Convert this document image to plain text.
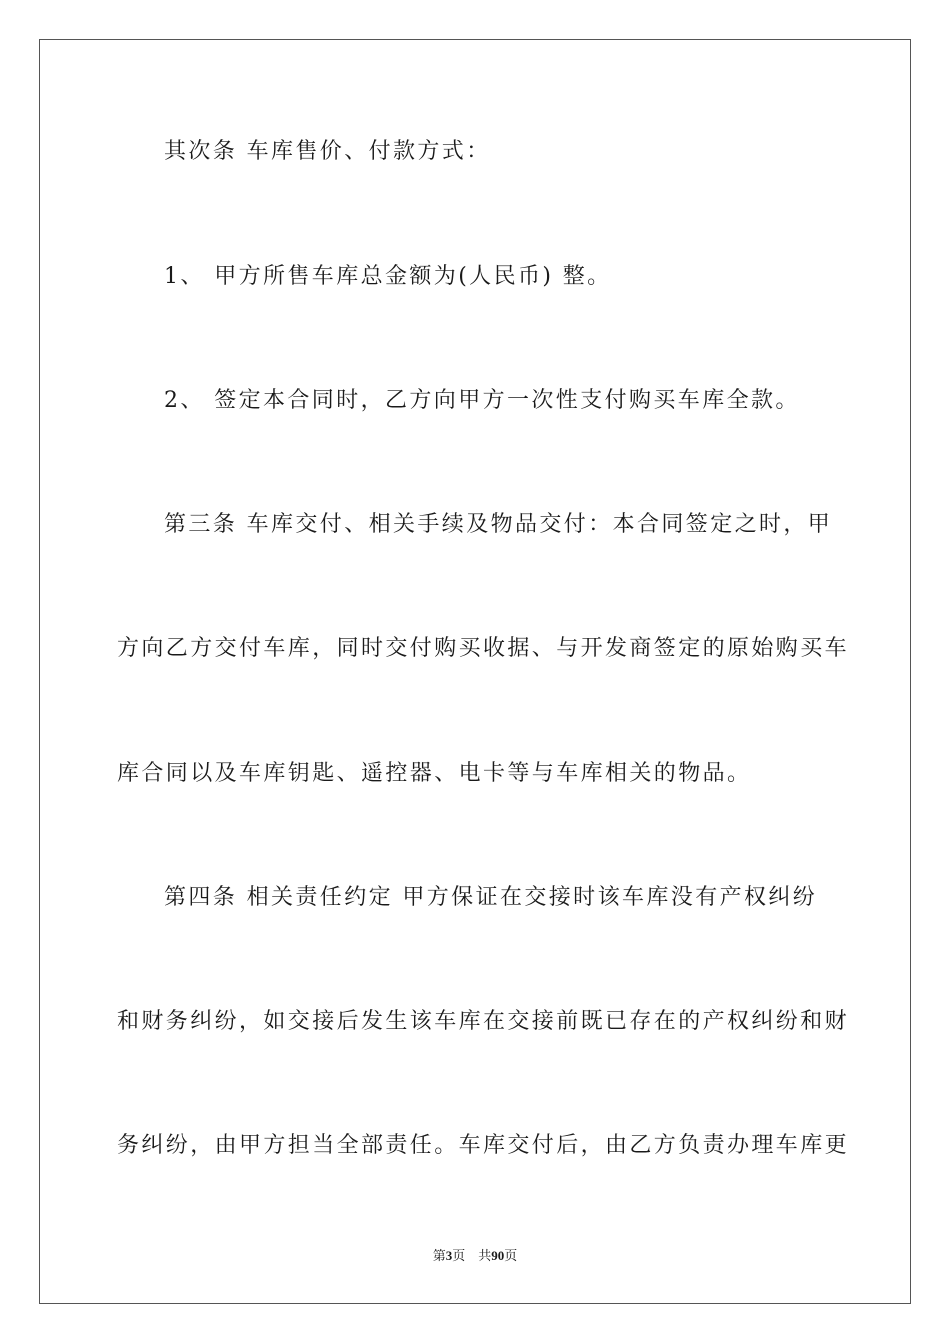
其次条 车库售价、付款方式：
1、 甲方所售车库总金额为(人民币) 整。
2、 签定本合同时，乙方向甲方一次性支付购买车库全款。
第三条 车库交付、相关手续及物品交付：本合同签定之时，甲
方向乙方交付车库，同时交付购买收据、与开发商签定的原始购买车
库合同以及车库钥匙、遥控器、电卡等与车库相关的物品。
第四条 相关责任约定 甲方保证在交接时该车库没有产权纠纷
和财务纠纷，如交接后发生该车库在交接前既已存在的产权纠纷和财
务纠纷，由甲方担当全部责任。车库交付后，由乙方负责办理车库更
第3页 共90页
